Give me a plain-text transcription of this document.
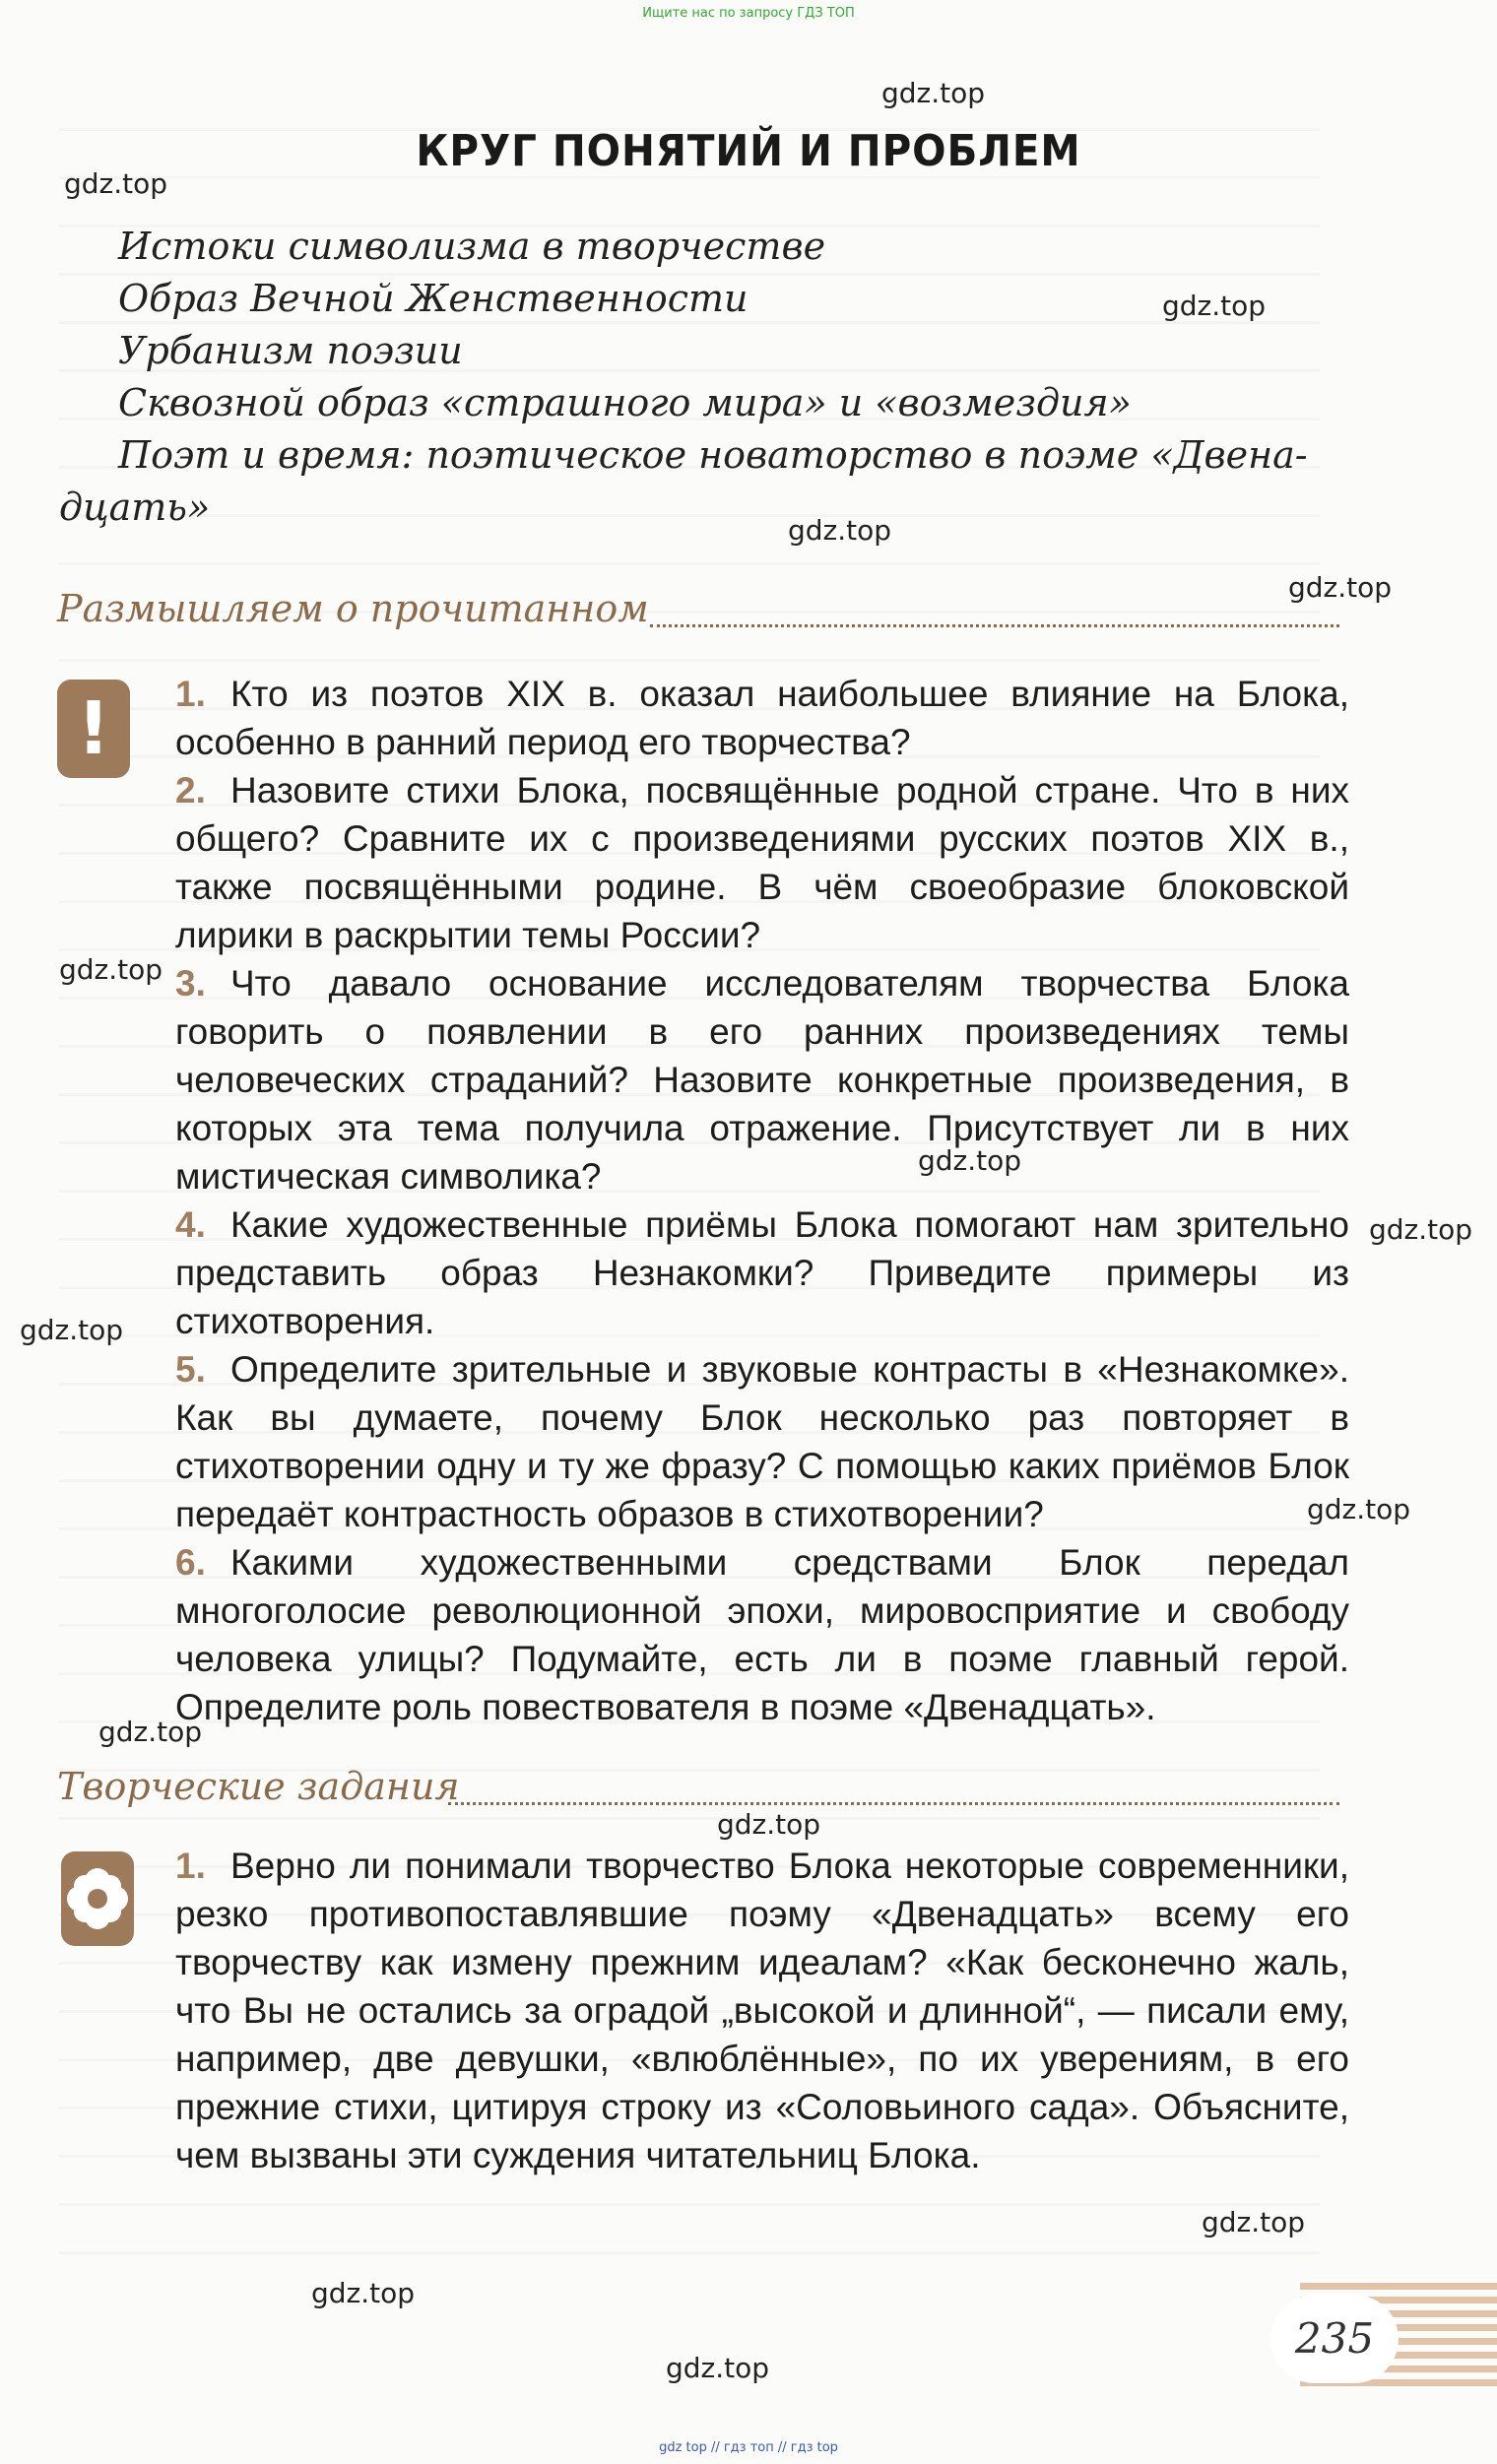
Ищите нас по запросу ГДЗ ТОП
gdz.top
gdz.top
gdz.top
gdz.top
gdz.top
gdz.top
gdz.top
gdz.top
gdz.top
gdz.top
gdz.top
gdz.top
gdz.top
gdz.top
gdz.top
КРУГ ПОНЯТИЙ И ПРОБЛЕМ
Истоки символизма в творчестве
Образ Вечной Женственности
Урбанизм поэзии
Сквозной образ «страшного мира» и «возмездия»
Поэт и время: поэтическое новаторство в поэме «Двена-
дцать»
Размышляем о прочитанном
!	Кто из поэтов XIX в. оказал наибольшее влияние на Блока, особенно в ранний период его творчества?
1.
Назовите стихи Блока, посвящённые родной стране. Что в них общего? Сравните их с произведениями русских поэтов XIX в., также посвящёнными родине. В чём своеобразие блоковской лирики в раскрытии темы России?
2.
Что давало основание исследователям творчества Блока говорить о появлении в его ранних произведениях темы человеческих страданий? Назовите конкретные произведения, в которых эта тема получила отражение. Присутствует ли в них мистическая символика?
3.
Какие художественные приёмы Блока помогают нам зрительно представить образ Незнакомки? Приведите примеры из стихотворения.
4.
Определите зрительные и звуковые контрасты в «Незнакомке». Как вы думаете, почему Блок несколько раз повторяет в стихотворении одну и ту же фразу? С помощью каких приёмов Блок передаёт контрастность образов в стихотворении?
5.
Какими художественными средствами Блок передал многоголосие революционной эпохи, мировосприятие и свободу человека улицы? Подумайте, есть ли в поэме главный герой. Определите роль повествователя в поэме «Двенадцать».
6.
Творческие задания
Верно ли понимали творчество Блока некоторые современники, резко противопоставлявшие поэму «Двенадцать» всему его творчеству как измену прежним идеалам? «Как бесконечно жаль, что Вы не остались за оградой „высокой и длинной“, — писали ему, например, две девушки, «влюблённые», по их уверениям, в его прежние стихи, цитируя строку из «Соловьиного сада». Объясните, чем вызваны эти суждения читательниц Блока.
1.
235
gdz top // гдз топ // гдз top
